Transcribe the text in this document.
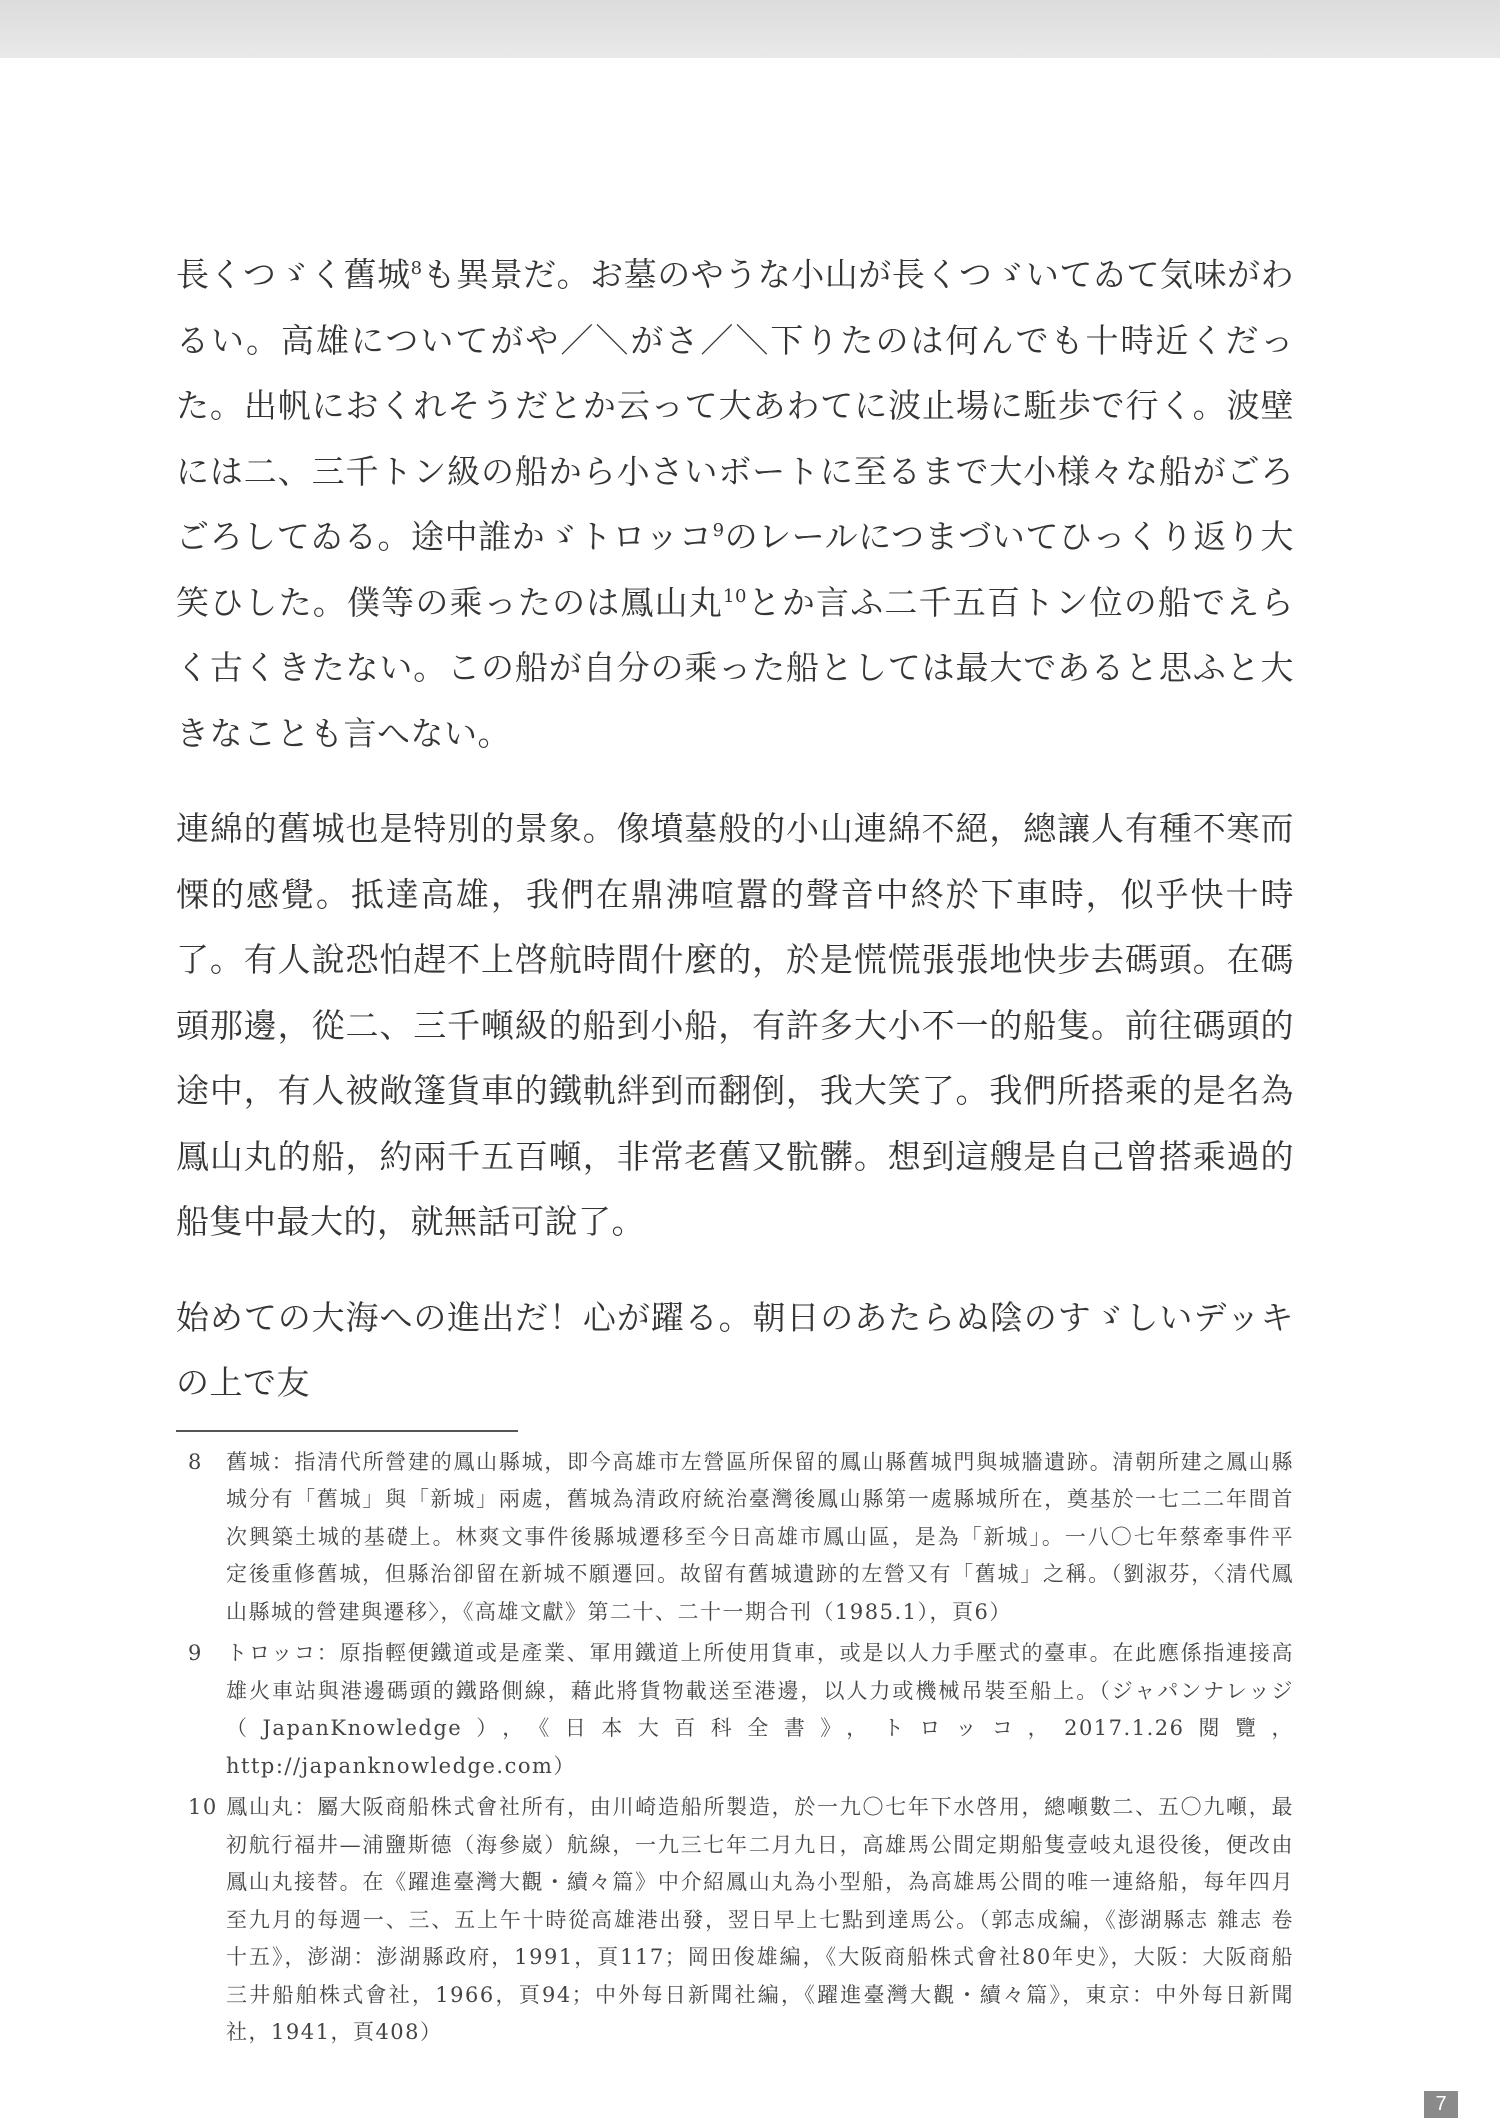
長くつゞく舊城$^8$も異景だ。お墓のやうな小山が長くつゞいてゐて気味がわるい。高雄についてがや／＼がさ／＼下りたのは何んでも十時近くだった。出帆におくれそうだとか云って大あわてに波止場に駈歩で行く。波壁には二、三千トン級の船から小さいボートに至るまで大小様々な船がごろごろしてゐる。途中誰かゞトロッコ$^9$のレールにつまづいてひっくり返り大笑ひした。僕等の乘ったのは鳳山丸$^{10}$とか言ふ二千五百トン位の船でえらく古くきたない。この船が自分の乘った船としては最大であると思ふと大きなことも言へない。

連綿的舊城也是特別的景象。像墳墓般的小山連綿不絕，總讓人有種不寒而慄的感覺。抵達高雄，我們在鼎沸喧囂的聲音中終於下車時，似乎快十時了。有人說恐怕趕不上啓航時間什麼的，於是慌慌張張地快步去碼頭。在碼頭那邊，從二、三千噸級的船到小船，有許多大小不一的船隻。前往碼頭的途中，有人被敞篷貨車的鐵軌絆到而翻倒，我大笑了。我們所搭乘的是名為鳳山丸的船，約兩千五百噸，非常老舊又骯髒。想到這艘是自己曾搭乘過的船隻中最大的，就無話可說了。

始めての大海への進出だ！心が躍る。朝日のあたらぬ陰のすゞしいデッキの上で友

8 舊城：指清代所營建的鳳山縣城，即今高雄市左營區所保留的鳳山縣舊城門與城牆遺跡。清朝所建之鳳山縣城分有「舊城」與「新城」兩處，舊城為清政府統治臺灣後鳳山縣第一處縣城所在，奠基於一七二二年間首次興築土城的基礎上。林爽文事件後縣城遷移至今日高雄市鳳山區，是為「新城」。一八〇七年蔡牽事件平定後重修舊城，但縣治卻留在新城不願遷回。故留有舊城遺跡的左營又有「舊城」之稱。（劉淑芬，〈清代鳳山縣城的營建與遷移〉，《高雄文獻》第二十、二十一期合刊（1985.1），頁6）

9 トロッコ：原指輕便鐵道或是產業、軍用鐵道上所使用貨車，或是以人力手壓式的臺車。在此應係指連接高雄火車站與港邊碼頭的鐵路側線，藉此將貨物載送至港邊，以人力或機械吊裝至船上。（ジャパンナレッジ（JapanKnowledge），《日本大百科全書》，トロッコ，2017.1.26閱覽，http://japanknowledge.com）

10 鳳山丸：屬大阪商船株式會社所有，由川崎造船所製造，於一九〇七年下水啓用，總噸數二、五〇九噸，最初航行福井—浦鹽斯德（海參崴）航線，一九三七年二月九日，高雄馬公間定期船隻壹岐丸退役後，便改由鳳山丸接替。在《躍進臺灣大觀・續々篇》中介紹鳳山丸為小型船，為高雄馬公間的唯一連絡船，每年四月至九月的每週一、三、五上午十時從高雄港出發，翌日早上七點到達馬公。（郭志成編，《澎湖縣志 雜志 卷十五》，澎湖：澎湖縣政府，1991，頁117；岡田俊雄編，《大阪商船株式會社80年史》，大阪：大阪商船三井船舶株式會社，1966，頁94；中外每日新聞社編，《躍進臺灣大觀・續々篇》，東京：中外每日新聞社，1941，頁408）

7
